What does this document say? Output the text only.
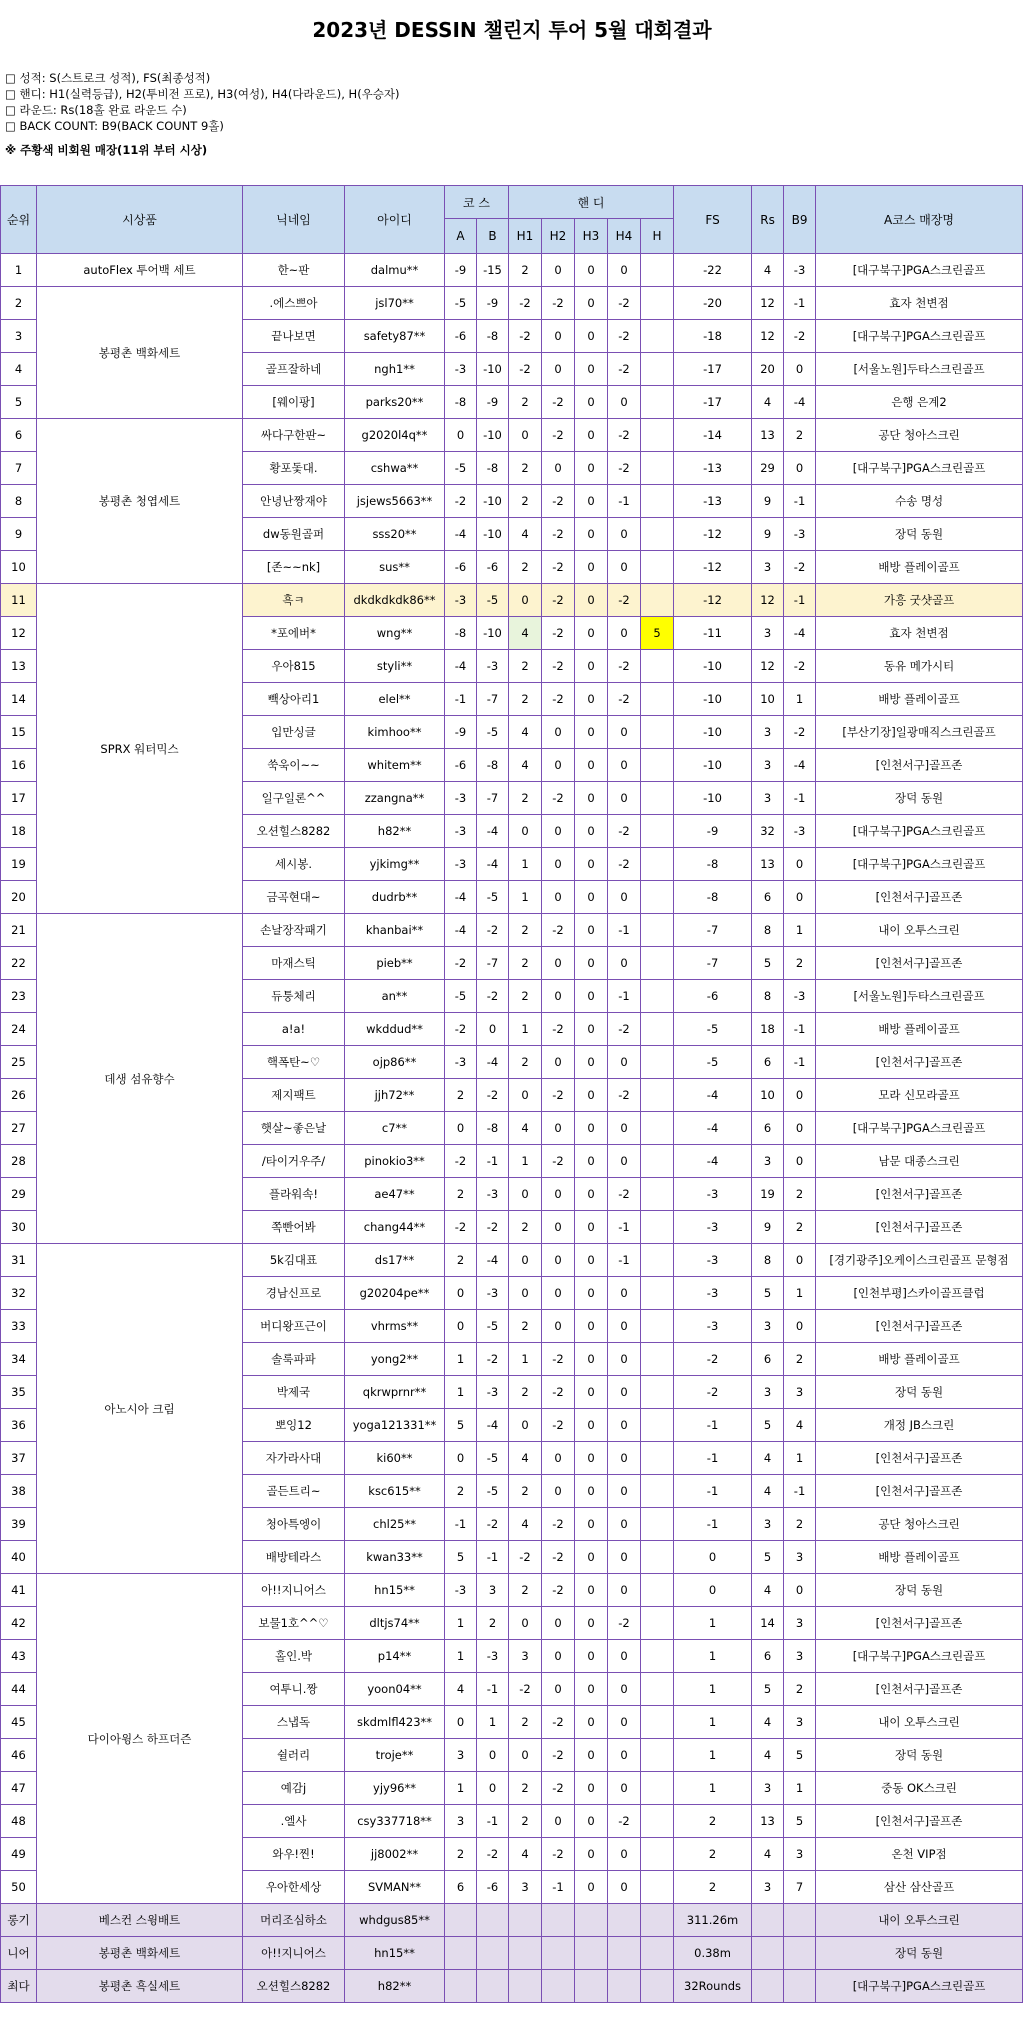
2023년 DESSIN 챌린지 투어 5월 대회결과
□ 성적: S(스트로크 성적), FS(최종성적)
□ 핸디: H1(실력등급), H2(투비전 프로), H3(여성), H4(다라운드), H(우승자)
□ 라운드: Rs(18홀 완료 라운드 수)
□ BACK COUNT: B9(BACK COUNT 9홀)
※ 주황색 비회원 매장(11위 부터 시상)
순위	시상품	닉네임	아이디	코 스		핸 디					FS	Rs	B9	A코스 매장명
				A	B	H1	H2	H3	H4	H				
1	autoFlex 투어백 세트	한~판	dalmu**	-9	-15	2	0	0	0		-22	4	-3	[대구북구]PGA스크린골프
2	봉평촌 백화세트	.에스쁘아	jsl70**	-5	-9	-2	-2	0	-2		-20	12	-1	효자 천변점
3		끝나보면	safety87**	-6	-8	-2	0	0	-2		-18	12	-2	[대구북구]PGA스크린골프
4		골프잘하네	ngh1**	-3	-10	-2	0	0	-2		-17	20	0	[서울노원]두타스크린골프
5		[웨이팡]	parks20**	-8	-9	2	-2	0	0		-17	4	-4	은행 은계2
6	봉평촌 청엽세트	싸다구한판~	g2020l4q**	0	-10	0	-2	0	-2		-14	13	2	공단 청아스크린
7		황포돛대.	cshwa**	-5	-8	2	0	0	-2		-13	29	0	[대구북구]PGA스크린골프
8		안녕난짱재야	jsjews5663**	-2	-10	2	-2	0	-1		-13	9	-1	수송 명성
9		dw동원골퍼	sss20**	-4	-10	4	-2	0	0		-12	9	-3	장덕 동원
10		[존~~nk]	sus**	-6	-6	2	-2	0	0		-12	3	-2	배방 플레이골프
11	SPRX 워터믹스	흑ㅋ	dkdkdkdk86**	-3	-5	0	-2	0	-2		-12	12	-1	가흥 굿샷골프
12		*포에버*	wng**	-8	-10	4	-2	0	0	5	-11	3	-4	효자 천변점
13		우아815	styli**	-4	-3	2	-2	0	-2		-10	12	-2	동유 메가시티
14		빽상아리1	elel**	-1	-7	2	-2	0	-2		-10	10	1	배방 플레이골프
15		입만싱글	kimhoo**	-9	-5	4	0	0	0		-10	3	-2	[부산기장]일광매직스크린골프
16		쑥욱이~~	whitem**	-6	-8	4	0	0	0		-10	3	-4	[인천서구]골프존
17		일구일론^^	zzangna**	-3	-7	2	-2	0	0		-10	3	-1	장덕 동원
18		오션힐스8282	h82**	-3	-4	0	0	0	-2		-9	32	-3	[대구북구]PGA스크린골프
19		세시봉.	yjkimg**	-3	-4	1	0	0	-2		-8	13	0	[대구북구]PGA스크린골프
20		금곡현대~	dudrb**	-4	-5	1	0	0	0		-8	6	0	[인천서구]골프존
21	데생 섬유향수	손날장작패기	khanbai**	-4	-2	2	-2	0	-1		-7	8	1	내이 오투스크린
22		마재스틱	pieb**	-2	-7	2	0	0	0		-7	5	2	[인천서구]골프존
23		듀퉁체리	an**	-5	-2	2	0	0	-1		-6	8	-3	[서울노원]두타스크린골프
24		a!a!	wkddud**	-2	0	1	-2	0	-2		-5	18	-1	배방 플레이골프
25		핵폭탄~♡	ojp86**	-3	-4	2	0	0	0		-5	6	-1	[인천서구]골프존
26		제지팩트	jjh72**	2	-2	0	-2	0	-2		-4	10	0	모라 신모라골프
27		햇살~좋은날	c7**	0	-8	4	0	0	0		-4	6	0	[대구북구]PGA스크린골프
28		/타이거우주/	pinokio3**	-2	-1	1	-2	0	0		-4	3	0	남문 대종스크린
29		플라워속!	ae47**	2	-3	0	0	0	-2		-3	19	2	[인천서구]골프존
30		쪽빤어봐	chang44**	-2	-2	2	0	0	-1		-3	9	2	[인천서구]골프존
31	아노시아 크림	5k김대표	ds17**	2	-4	0	0	0	-1		-3	8	0	[경기광주]오케이스크린골프 문형점
32		경남신프로	g20204pe**	0	-3	0	0	0	0		-3	5	1	[인천부평]스카이골프클럽
33		버디왕프근이	vhrms**	0	-5	2	0	0	0		-3	3	0	[인천서구]골프존
34		솔룩파파	yong2**	1	-2	1	-2	0	0		-2	6	2	배방 플레이골프
35		박제국	qkrwprnr**	1	-3	2	-2	0	0		-2	3	3	장덕 동원
36		뽀잉12	yoga121331**	5	-4	0	-2	0	0		-1	5	4	개정 JB스크린
37		자가라사대	ki60**	0	-5	4	0	0	0		-1	4	1	[인천서구]골프존
38		골든트리~	ksc615**	2	-5	2	0	0	0		-1	4	-1	[인천서구]골프존
39		청아특엥이	chl25**	-1	-2	4	-2	0	0		-1	3	2	공단 청아스크린
40		배방테라스	kwan33**	5	-1	-2	-2	0	0		0	5	3	배방 플레이골프
41	다이아윙스 하프더즌	아!!지니어스	hn15**	-3	3	2	-2	0	0		0	4	0	장덕 동원
42		보물1호^^♡	dltjs74**	1	2	0	0	0	-2		1	14	3	[인천서구]골프존
43		홀인.박	p14**	1	-3	3	0	0	0		1	6	3	[대구북구]PGA스크린골프
44		여투니.짱	yoon04**	4	-1	-2	0	0	0		1	5	2	[인천서구]골프존
45		스냅독	skdmlfl423**	0	1	2	-2	0	0		1	4	3	내이 오투스크린
46		쉴러리	troje**	3	0	0	-2	0	0		1	4	5	장덕 동원
47		예감j	yjy96**	1	0	2	-2	0	0		1	3	1	중동 OK스크린
48		.엘사	csy337718**	3	-1	2	0	0	-2		2	13	5	[인천서구]골프존
49		와우!찐!	jj8002**	2	-2	4	-2	0	0		2	4	3	온천 VIP점
50		우아한세상	SVMAN**	6	-6	3	-1	0	0		2	3	7	삼산 삼산골프
롱기	베스컨 스윙배트	머리조심하소	whdgus85**								311.26m			내이 오투스크린
니어	봉평촌 백화세트	아!!지니어스	hn15**								0.38m			장덕 동원
최다	봉평촌 흑실세트	오션힐스8282	h82**								32Rounds			[대구북구]PGA스크린골프
